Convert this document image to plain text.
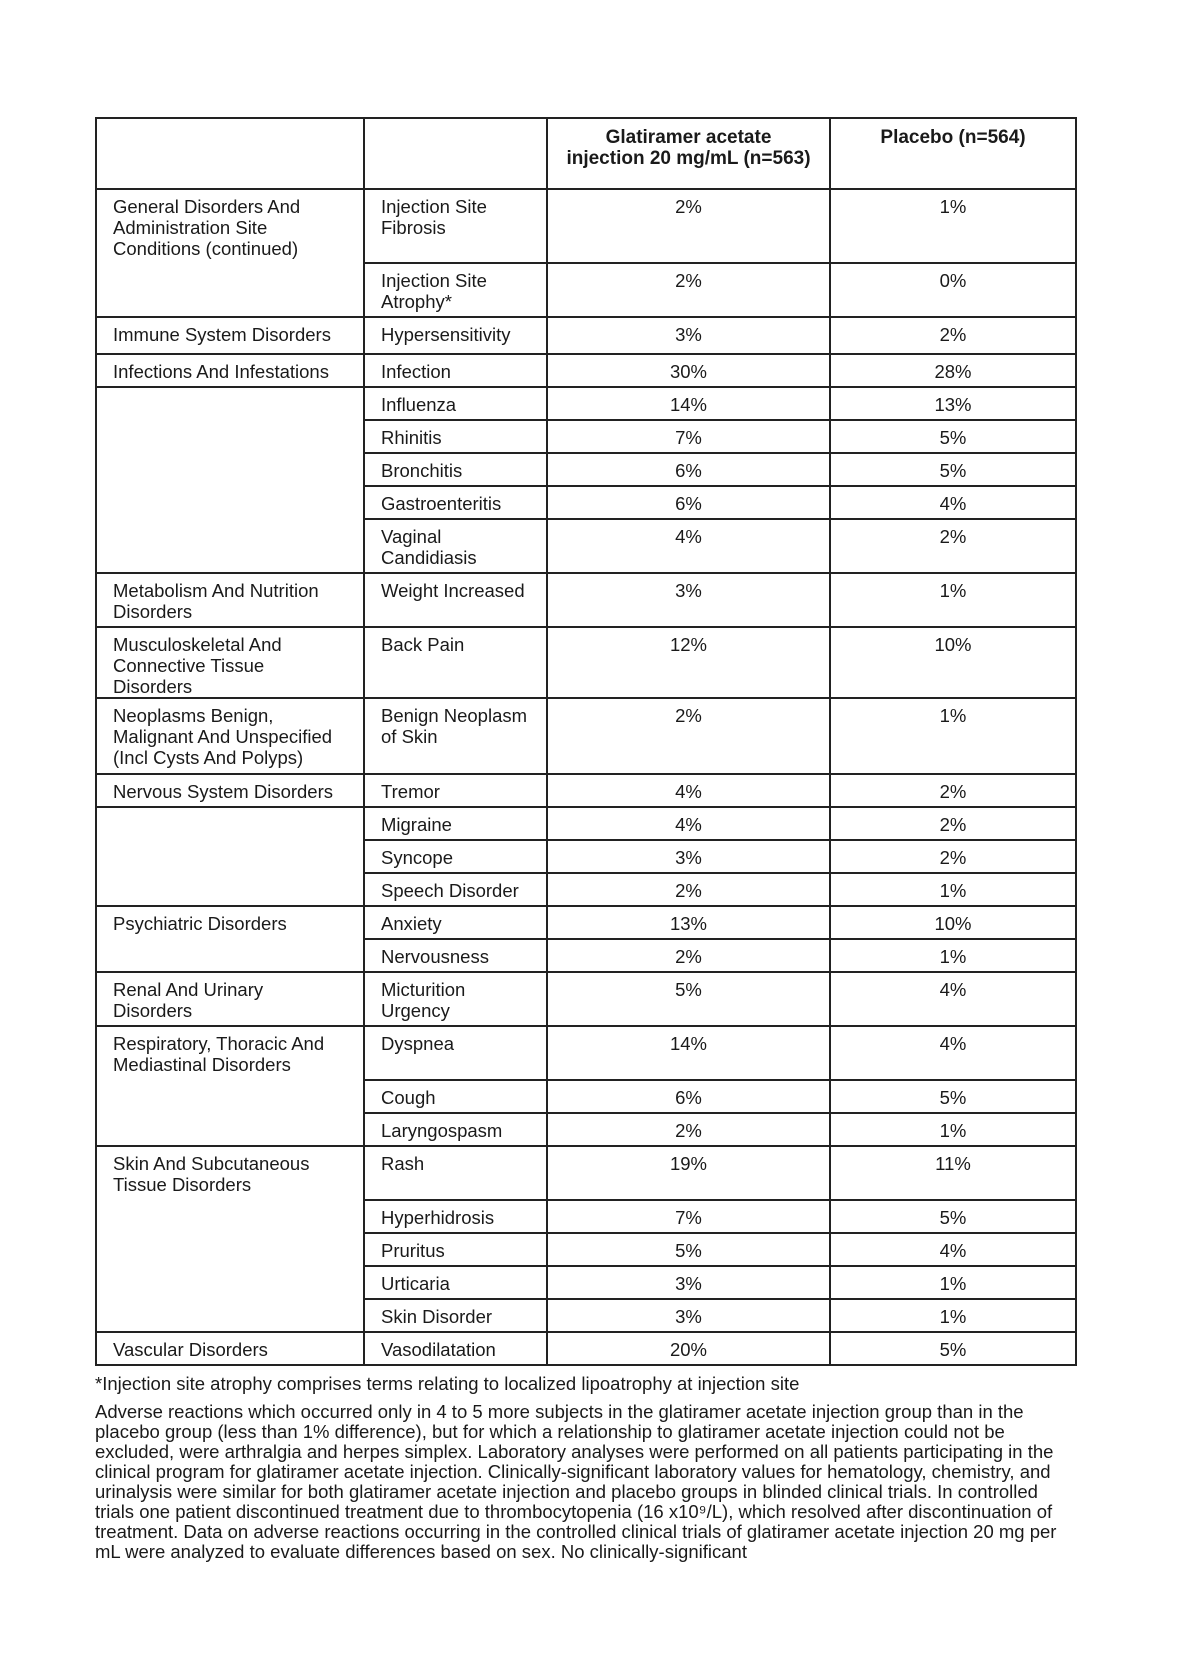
		Glatiramer acetate injection 20 mg/mL (n=563)	Placebo (n=564)
General Disorders And Administration Site Conditions (continued)	Injection Site Fibrosis	2%	1%
	Injection Site Atrophy*	2%	0%
Immune System Disorders	Hypersensitivity	3%	2%
Infections And Infestations	Infection	30%	28%
	Influenza	14%	13%
	Rhinitis	7%	5%
	Bronchitis	6%	5%
	Gastroenteritis	6%	4%
	Vaginal Candidiasis	4%	2%
Metabolism And Nutrition Disorders	Weight Increased	3%	1%
Musculoskeletal And Connective Tissue Disorders	Back Pain	12%	10%
Neoplasms Benign, Malignant And Unspecified (Incl Cysts And Polyps)	Benign Neoplasm of Skin	2%	1%
Nervous System Disorders	Tremor	4%	2%
	Migraine	4%	2%
	Syncope	3%	2%
	Speech Disorder	2%	1%
Psychiatric Disorders	Anxiety	13%	10%
	Nervousness	2%	1%
Renal And Urinary Disorders	Micturition Urgency	5%	4%
Respiratory, Thoracic And Mediastinal Disorders	Dyspnea	14%	4%
	Cough	6%	5%
	Laryngospasm	2%	1%
Skin And Subcutaneous Tissue Disorders	Rash	19%	11%
	Hyperhidrosis	7%	5%
	Pruritus	5%	4%
	Urticaria	3%	1%
	Skin Disorder	3%	1%
Vascular Disorders	Vasodilatation	20%	5%

*Injection site atrophy comprises terms relating to localized lipoatrophy at injection site

Adverse reactions which occurred only in 4 to 5 more subjects in the glatiramer acetate injection group than in the placebo group (less than 1% difference), but for which a relationship to glatiramer acetate injection could not be excluded, were arthralgia and herpes simplex. Laboratory analyses were performed on all patients participating in the clinical program for glatiramer acetate injection. Clinically-significant laboratory values for hematology, chemistry, and urinalysis were similar for both glatiramer acetate injection and placebo groups in blinded clinical trials. In controlled trials one patient discontinued treatment due to thrombocytopenia (16 x10⁹/L), which resolved after discontinuation of treatment. Data on adverse reactions occurring in the controlled clinical trials of glatiramer acetate injection 20 mg per mL were analyzed to evaluate differences based on sex. No clinically-significant
